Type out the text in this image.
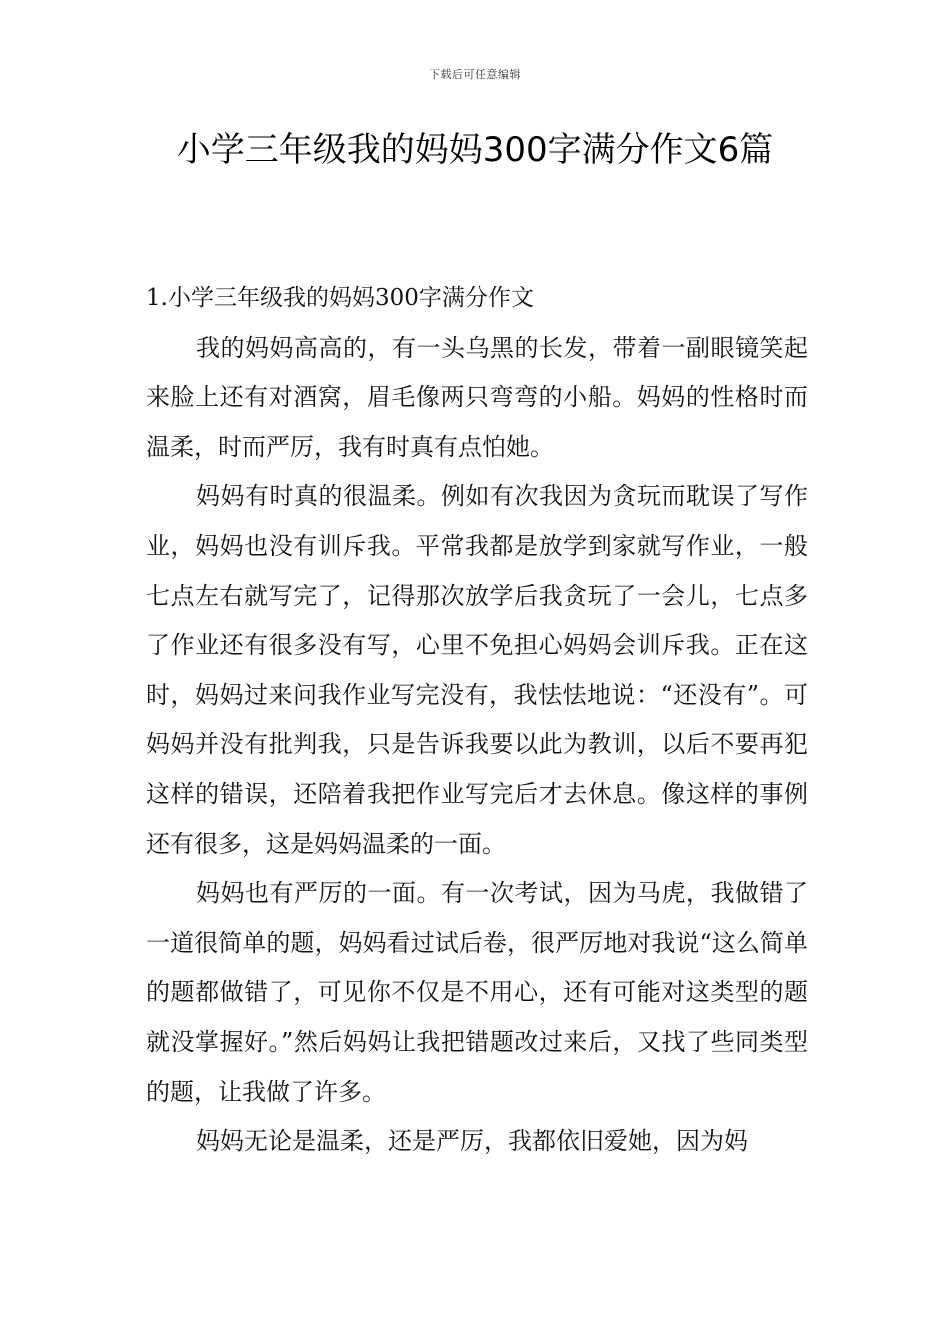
下载后可任意编辑
小学三年级我的妈妈300字满分作文6篇
1.小学三年级我的妈妈300字满分作文

我的妈妈高高的，有一头乌黑的长发，带着一副眼镜笑起来脸上还有对酒窝，眉毛像两只弯弯的小船。妈妈的性格时而温柔，时而严厉，我有时真有点怕她。

妈妈有时真的很温柔。例如有次我因为贪玩而耽误了写作业，妈妈也没有训斥我。平常我都是放学到家就写作业，一般七点左右就写完了，记得那次放学后我贪玩了一会儿，七点多了作业还有很多没有写，心里不免担心妈妈会训斥我。正在这时，妈妈过来问我作业写完没有，我怯怯地说：“还没有”。可妈妈并没有批判我，只是告诉我要以此为教训，以后不要再犯这样的错误，还陪着我把作业写完后才去休息。像这样的事例还有很多，这是妈妈温柔的一面。

妈妈也有严厉的一面。有一次考试，因为马虎，我做错了一道很简单的题，妈妈看过试后卷，很严厉地对我说“这么简单的题都做错了，可见你不仅是不用心，还有可能对这类型的题就没掌握好。”然后妈妈让我把错题改过来后，又找了些同类型的题，让我做了许多。

妈妈无论是温柔，还是严厉，我都依旧爱她，因为妈
